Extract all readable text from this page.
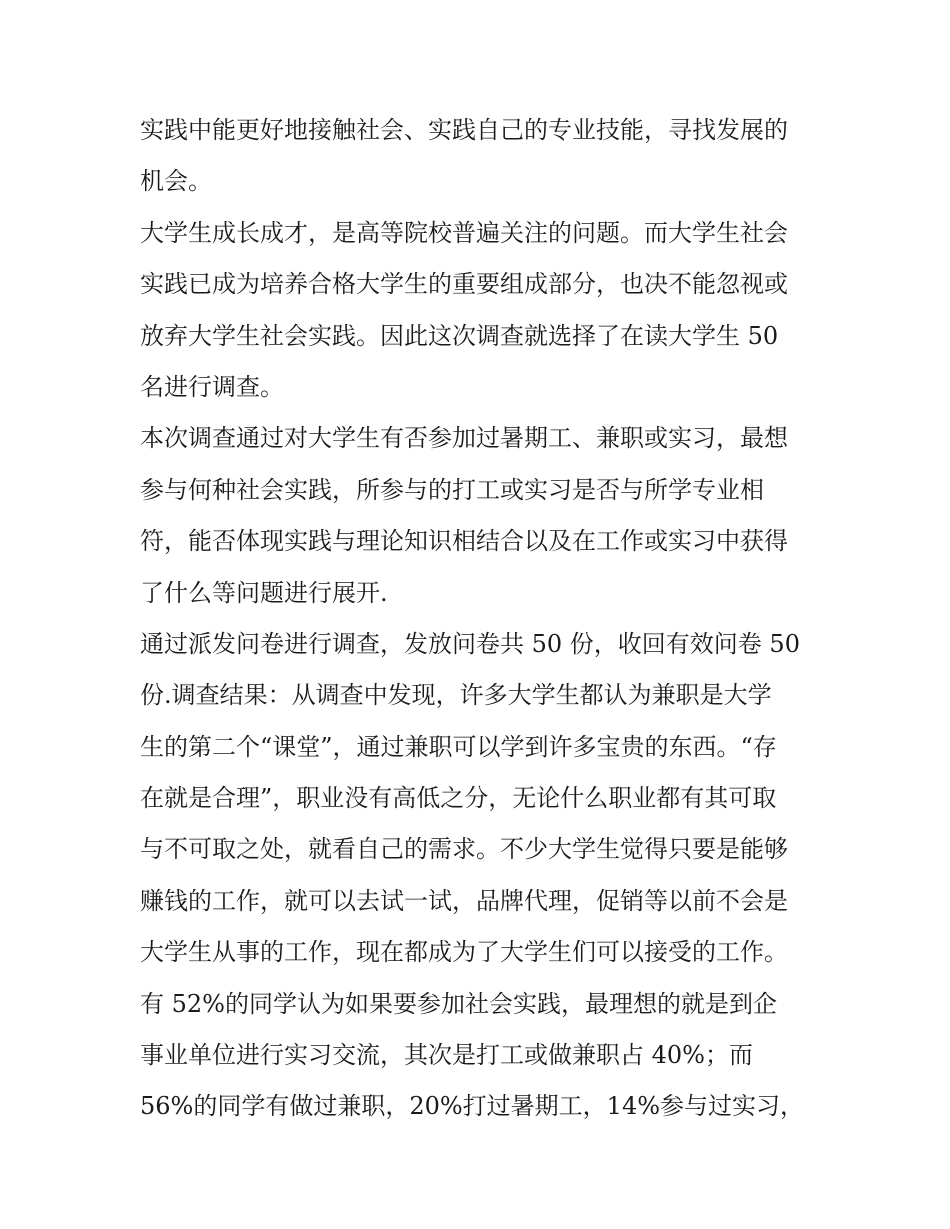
实践中能更好地接触社会、实践自己的专业技能，寻找发展的
机会。
大学生成长成才，是高等院校普遍关注的问题。而大学生社会
实践已成为培养合格大学生的重要组成部分，也决不能忽视或
放弃大学生社会实践。因此这次调查就选择了在读大学生 50
名进行调查。
本次调查通过对大学生有否参加过暑期工、兼职或实习，最想
参与何种社会实践，所参与的打工或实习是否与所学专业相
符，能否体现实践与理论知识相结合以及在工作或实习中获得
了什么等问题进行展开.
通过派发问卷进行调查，发放问卷共 50 份，收回有效问卷 50
份.调查结果：从调查中发现，许多大学生都认为兼职是大学
生的第二个“课堂”，通过兼职可以学到许多宝贵的东西。“存
在就是合理”，职业没有高低之分，无论什么职业都有其可取
与不可取之处，就看自己的需求。不少大学生觉得只要是能够
赚钱的工作，就可以去试一试，品牌代理，促销等以前不会是
大学生从事的工作，现在都成为了大学生们可以接受的工作。
有 52%的同学认为如果要参加社会实践，最理想的就是到企
事业单位进行实习交流，其次是打工或做兼职占 40%；而
56%的同学有做过兼职，20%打过暑期工，14%参与过实习，
